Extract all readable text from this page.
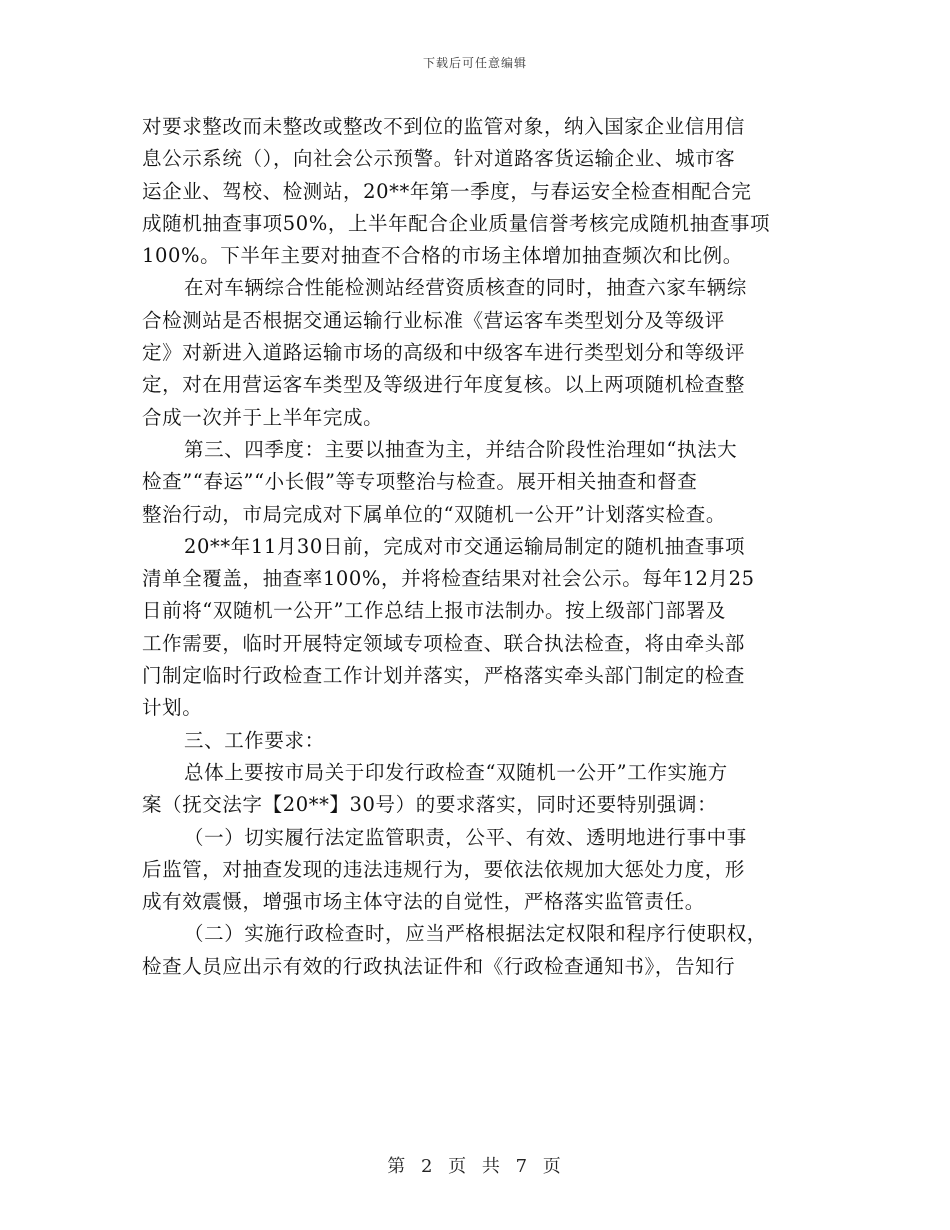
下载后可任意编辑

对要求整改而未整改或整改不到位的监管对象，纳入国家企业信用信
息公示系统（），向社会公示预警。针对道路客货运输企业、城市客
运企业、驾校、检测站，20**年第一季度，与春运安全检查相配合完
成随机抽查事项50%，上半年配合企业质量信誉考核完成随机抽查事项
100%。下半年主要对抽查不合格的市场主体增加抽查频次和比例。

在对车辆综合性能检测站经营资质核查的同时，抽查六家车辆综
合检测站是否根据交通运输行业标准《营运客车类型划分及等级评
定》对新进入道路运输市场的高级和中级客车进行类型划分和等级评
定，对在用营运客车类型及等级进行年度复核。以上两项随机检查整
合成一次并于上半年完成。

第三、四季度：主要以抽查为主，并结合阶段性治理如“执法大
检查”“春运”“小长假”等专项整治与检查。展开相关抽查和督查
整治行动，市局完成对下属单位的“双随机一公开”计划落实检查。

20**年11月30日前，完成对市交通运输局制定的随机抽查事项
清单全覆盖，抽查率100%，并将检查结果对社会公示。每年12月25
日前将“双随机一公开”工作总结上报市法制办。按上级部门部署及
工作需要，临时开展特定领域专项检查、联合执法检查，将由牵头部
门制定临时行政检查工作计划并落实，严格落实牵头部门制定的检查
计划。

三、工作要求：

总体上要按市局关于印发行政检查“双随机一公开”工作实施方
案（抚交法字【20**】30号）的要求落实，同时还要特别强调：

（一）切实履行法定监管职责，公平、有效、透明地进行事中事
后监管，对抽查发现的违法违规行为，要依法依规加大惩处力度，形
成有效震慑，增强市场主体守法的自觉性，严格落实监管责任。

（二）实施行政检查时，应当严格根据法定权限和程序行使职权，
检查人员应出示有效的行政执法证件和《行政检查通知书》，告知行

第 2 页 共 7 页
